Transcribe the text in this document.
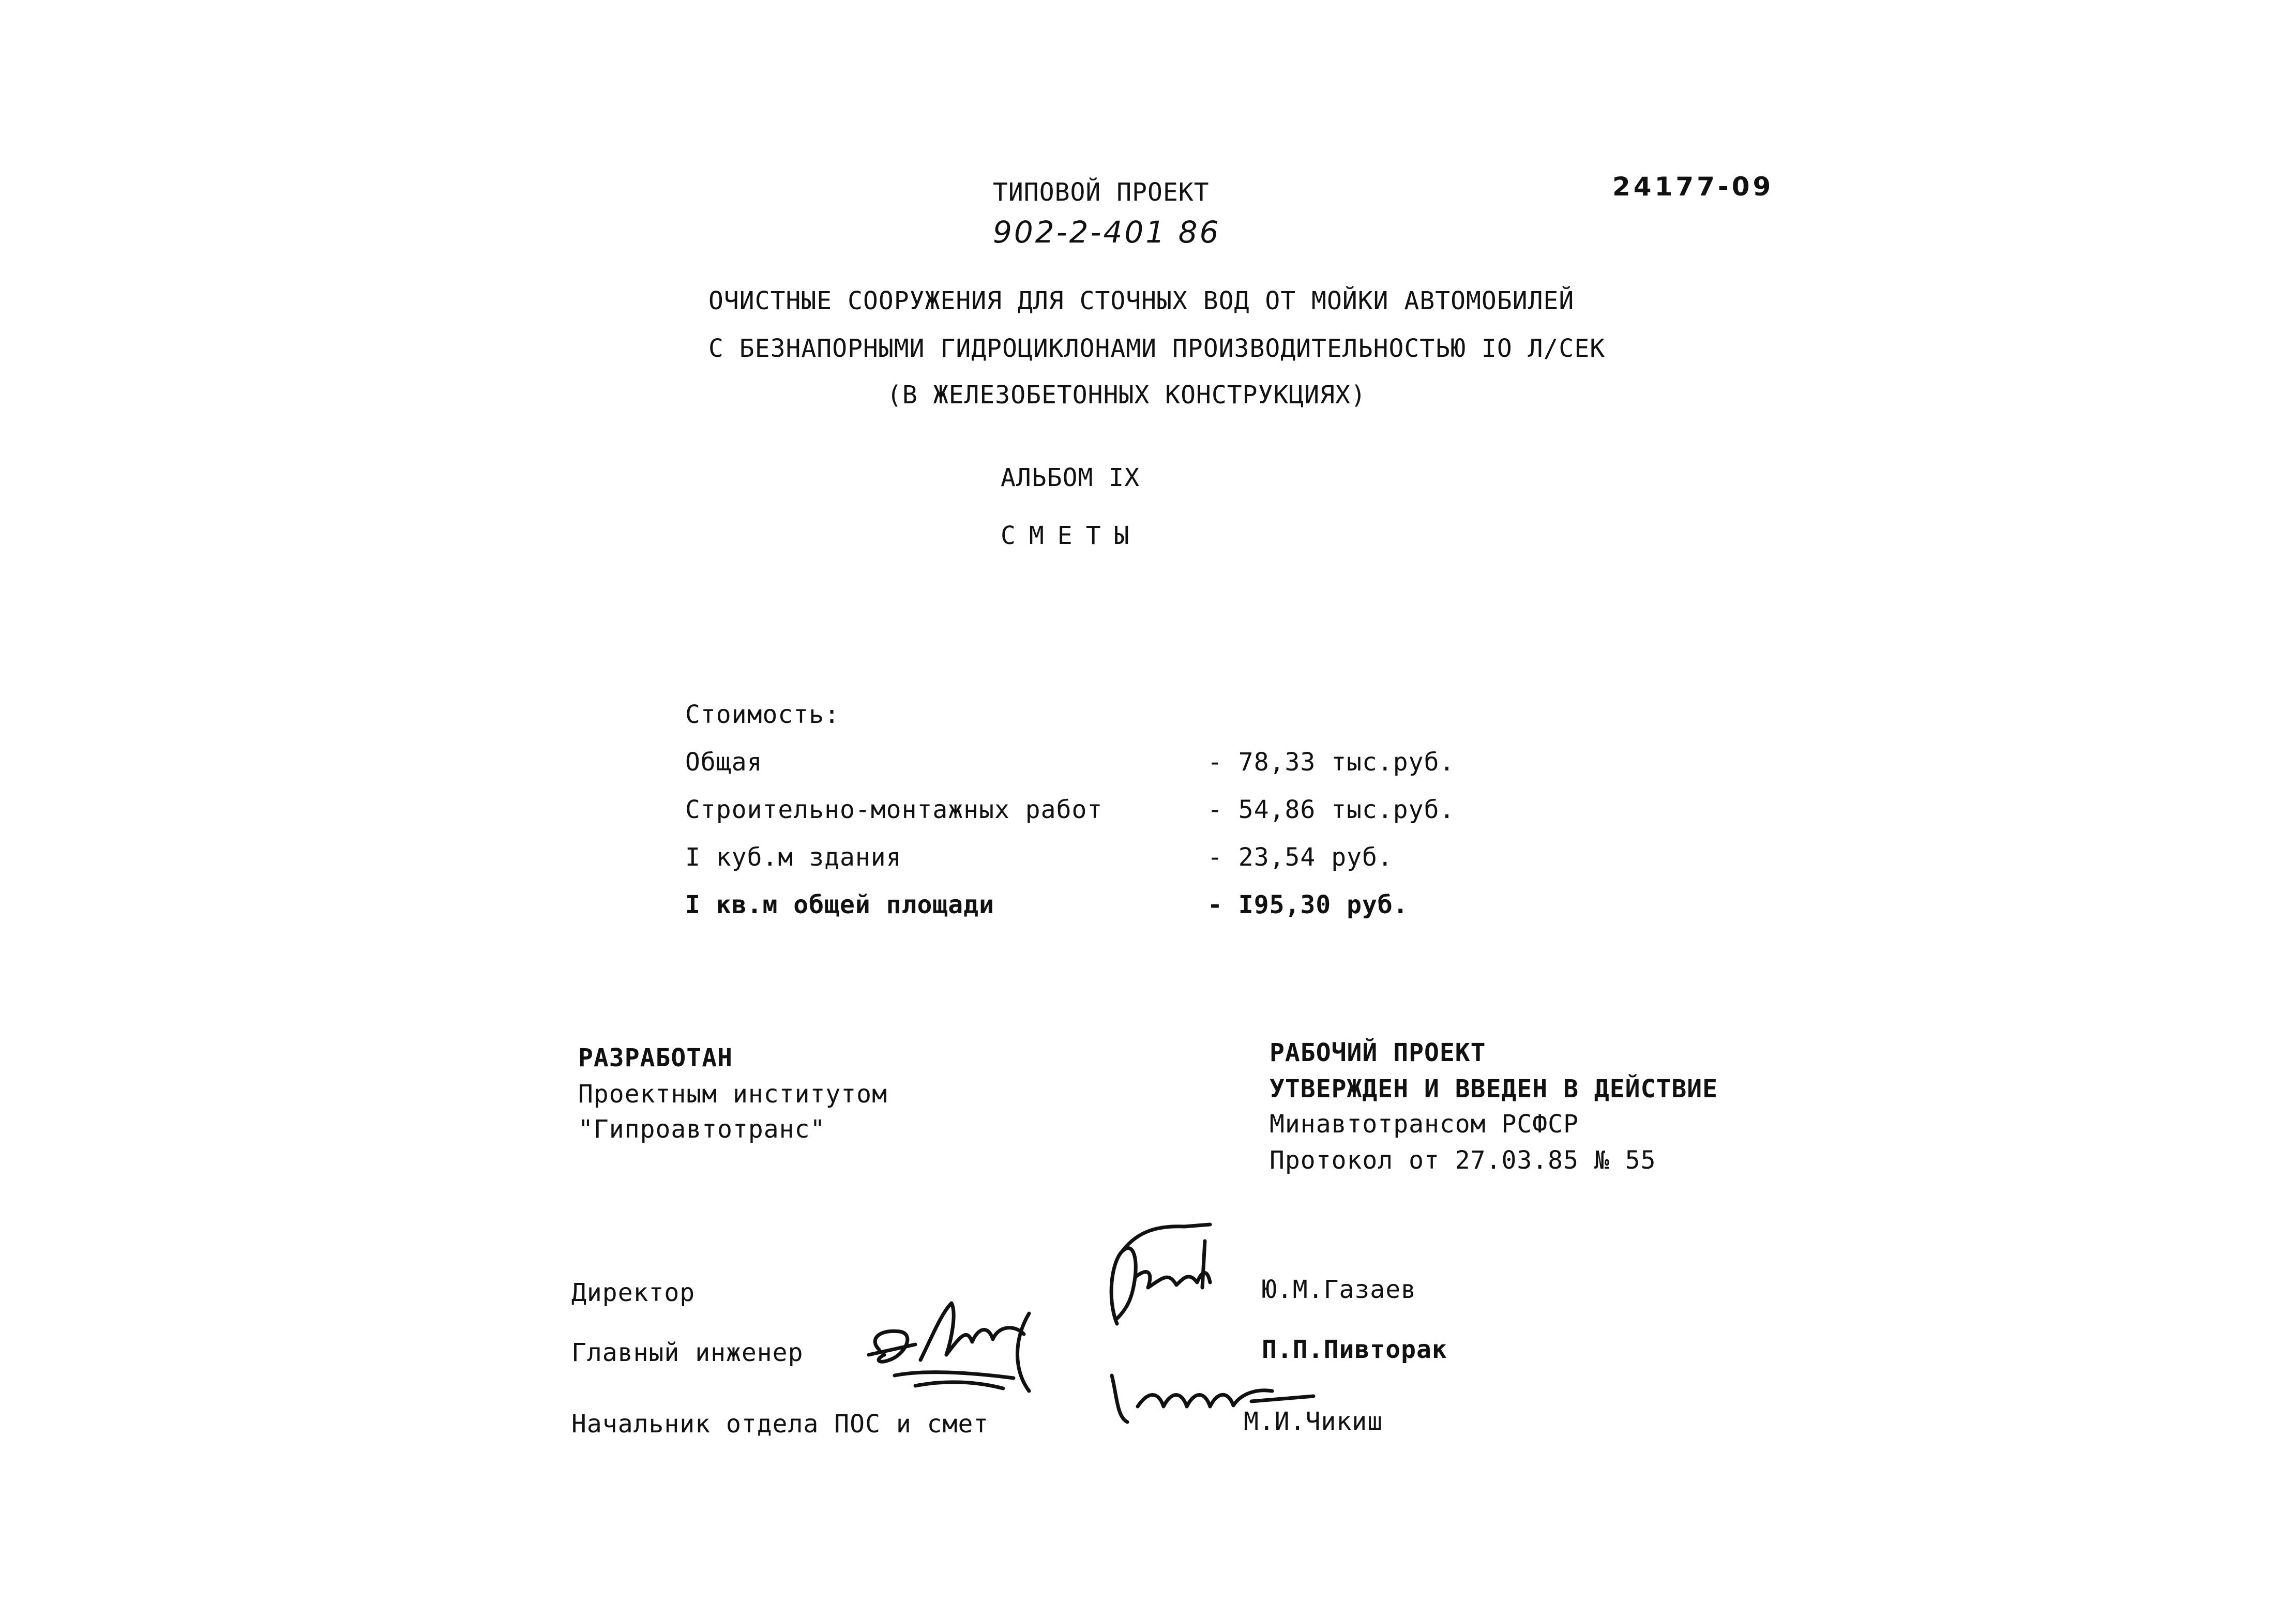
ТИПОВОЙ ПРОЕКТ
902-2-401 86
24177-09
ОЧИСТНЫЕ СООРУЖЕНИЯ ДЛЯ СТОЧНЫХ ВОД ОТ МОЙКИ АВТОМОБИЛЕЙ
С БЕЗНАПОРНЫМИ ГИДРОЦИКЛОНАМИ ПРОИЗВОДИТЕЛЬНОСТЬЮ IO Л/СЕК
(В ЖЕЛЕЗОБЕТОННЫХ КОНСТРУКЦИЯХ)
АЛЬБОМ IX
СМЕТЫ
Стоимость:
Общая	- 78,33 тыс.руб.
Строительно-монтажных работ	- 54,86 тыс.руб.
I куб.м здания	- 23,54 руб.
I кв.м общей площади	- I95,30 руб.
РАЗРАБОТАН
Проектным институтом
"Гипроавтотранс"
РАБОЧИЙ ПРОЕКТ
УТВЕРЖДЕН И ВВЕДЕН В ДЕЙСТВИЕ
Минавтотрансом РСФСР
Протокол от 27.03.85 № 55
Директор	Ю.М.Газаев
Главный инженер	П.П.Пивторак
Начальник отдела ПОС и смет	М.И.Чикиш
